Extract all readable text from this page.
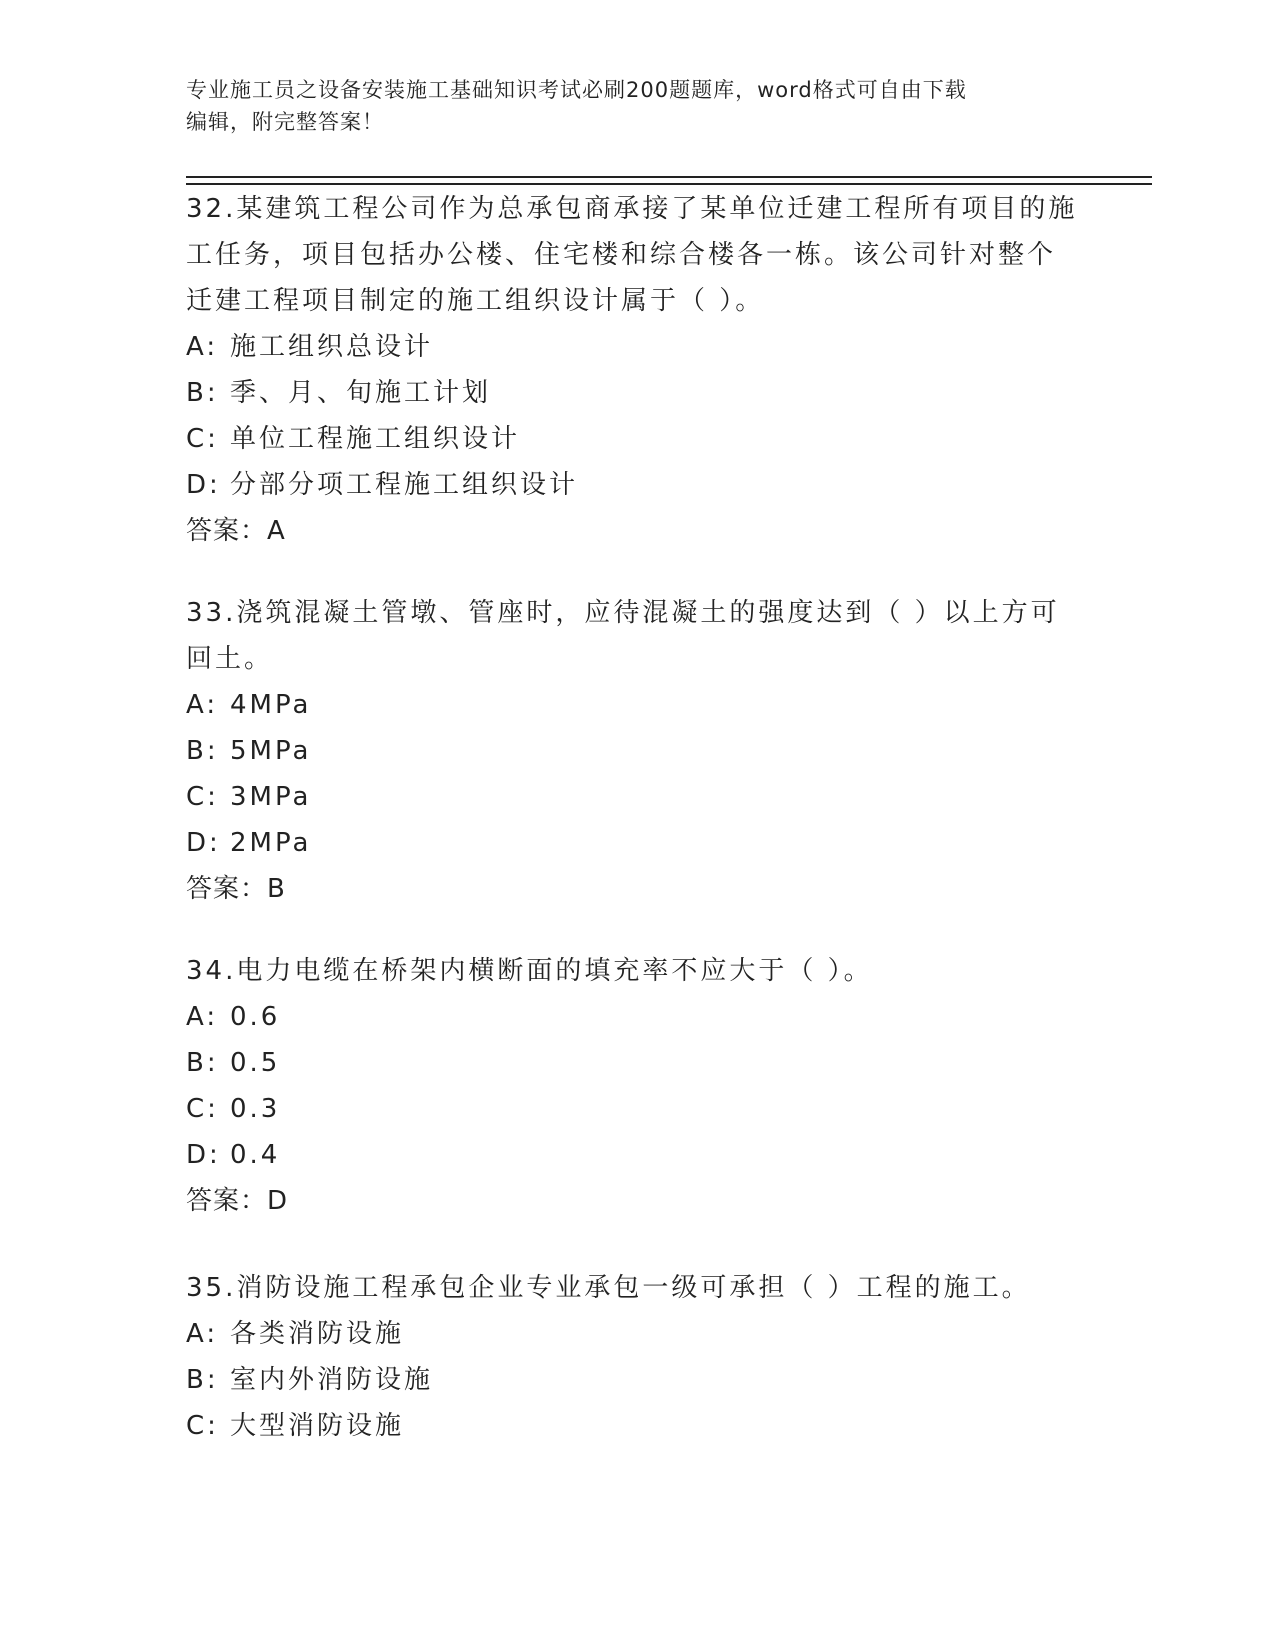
专业施工员之设备安装施工基础知识考试必刷200题题库，word格式可自由下载
编辑，附完整答案！

32.某建筑工程公司作为总承包商承接了某单位迁建工程所有项目的施

工任务，项目包括办公楼、住宅楼和综合楼各一栋。该公司针对整个

迁建工程项目制定的施工组织设计属于（ ）。

A: 施工组织总设计

B: 季、月、旬施工计划

C: 单位工程施工组织设计

D: 分部分项工程施工组织设计

答案：A

33.浇筑混凝土管墩、管座时，应待混凝土的强度达到（ ）以上方可

回土。

A: 4MPa

B: 5MPa

C: 3MPa

D: 2MPa

答案：B

34.电力电缆在桥架内横断面的填充率不应大于（ ）。

A: 0.6

B: 0.5

C: 0.3

D: 0.4

答案：D

35.消防设施工程承包企业专业承包一级可承担（ ）工程的施工。

A: 各类消防设施

B: 室内外消防设施

C: 大型消防设施
